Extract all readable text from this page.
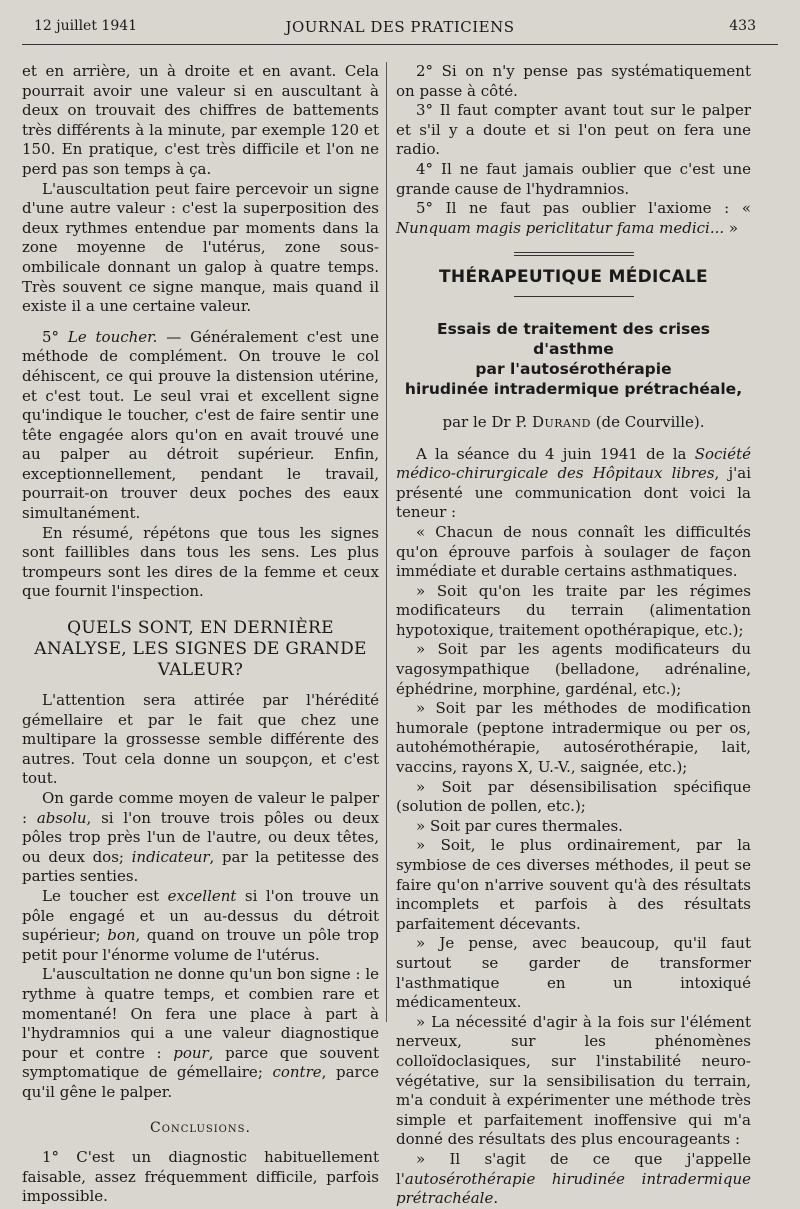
12 juillet 1941	JOURNAL DES PRATICIENS	433

et en arrière, un à droite et en avant. Cela pourrait avoir une valeur si en auscultant à deux on trouvait des chiffres de battements très différents à la minute, par exemple 120 et 150. En pratique, c'est très difficile et l'on ne perd pas son temps à ça.

L'auscultation peut faire percevoir un signe d'une autre valeur : c'est la superposition des deux rythmes entendue par moments dans la zone moyenne de l'utérus, zone sous-ombilicale donnant un galop à quatre temps. Très souvent ce signe manque, mais quand il existe il a une certaine valeur.

5° Le toucher. — Généralement c'est une méthode de complément. On trouve le col déhiscent, ce qui prouve la distension utérine, et c'est tout. Le seul vrai et excellent signe qu'indique le toucher, c'est de faire sentir une tête engagée alors qu'on en avait trouvé une au palper au détroit supérieur. Enfin, exceptionnellement, pendant le travail, pourrait-on trouver deux poches des eaux simultanément.

En résumé, répétons que tous les signes sont faillibles dans tous les sens. Les plus trompeurs sont les dires de la femme et ceux que fournit l'inspection.

QUELS SONT, EN DERNIÈRE ANALYSE, LES SIGNES DE GRANDE VALEUR?

L'attention sera attirée par l'hérédité gémellaire et par le fait que chez une multipare la grossesse semble différente des autres. Tout cela donne un soupçon, et c'est tout.

On garde comme moyen de valeur le palper : absolu, si l'on trouve trois pôles ou deux pôles trop près l'un de l'autre, ou deux têtes, ou deux dos; indicateur, par la petitesse des parties senties.

Le toucher est excellent si l'on trouve un pôle engagé et un au-dessus du détroit supérieur; bon, quand on trouve un pôle trop petit pour l'énorme volume de l'utérus.

L'auscultation ne donne qu'un bon signe : le rythme à quatre temps, et combien rare et momentané! On fera une place à part à l'hydramnios qui a une valeur diagnostique pour et contre : pour, parce que souvent symptomatique de gémellaire; contre, parce qu'il gêne le palper.

Conclusions.

1° C'est un diagnostic habituellement faisable, assez fréquemment difficile, parfois impossible.

2° Si on n'y pense pas systématiquement on passe à côté.

3° Il faut compter avant tout sur le palper et s'il y a doute et si l'on peut on fera une radio.

4° Il ne faut jamais oublier que c'est une grande cause de l'hydramnios.

5° Il ne faut pas oublier l'axiome : « Nunquam magis periclitatur fama medici... »

THÉRAPEUTIQUE MÉDICALE
Essais de traitement des crises d'asthme
par l'autosérothérapie
hirudinée intradermique prétrachéale,
par le Dr P. Durand (de Courville).

A la séance du 4 juin 1941 de la Société médico-chirurgicale des Hôpitaux libres, j'ai présenté une communication dont voici la teneur :

« Chacun de nous connaît les difficultés qu'on éprouve parfois à soulager de façon immédiate et durable certains asthmatiques.

» Soit qu'on les traite par les régimes modificateurs du terrain (alimentation hypotoxique, traitement opothérapique, etc.);

» Soit par les agents modificateurs du vagosympathique (belladone, adrénaline, éphédrine, morphine, gardénal, etc.);

» Soit par les méthodes de modification humorale (peptone intradermique ou per os, autohémothérapie, autosérothérapie, lait, vaccins, rayons X, U.-V., saignée, etc.);

» Soit par désensibilisation spécifique (solution de pollen, etc.);

» Soit par cures thermales.

» Soit, le plus ordinairement, par la symbiose de ces diverses méthodes, il peut se faire qu'on n'arrive souvent qu'à des résultats incomplets et parfois à des résultats parfaitement décevants.

» Je pense, avec beaucoup, qu'il faut surtout se garder de transformer l'asthmatique en un intoxiqué médicamenteux.

» La nécessité d'agir à la fois sur l'élément nerveux, sur les phénomènes colloïdoclasiques, sur l'instabilité neuro-végétative, sur la sensibilisation du terrain, m'a conduit à expérimenter une méthode très simple et parfaitement inoffensive qui m'a donné des résultats des plus encourageants :

» Il s'agit de ce que j'appelle l'autosérothérapie hirudinée intradermique prétrachéale.
